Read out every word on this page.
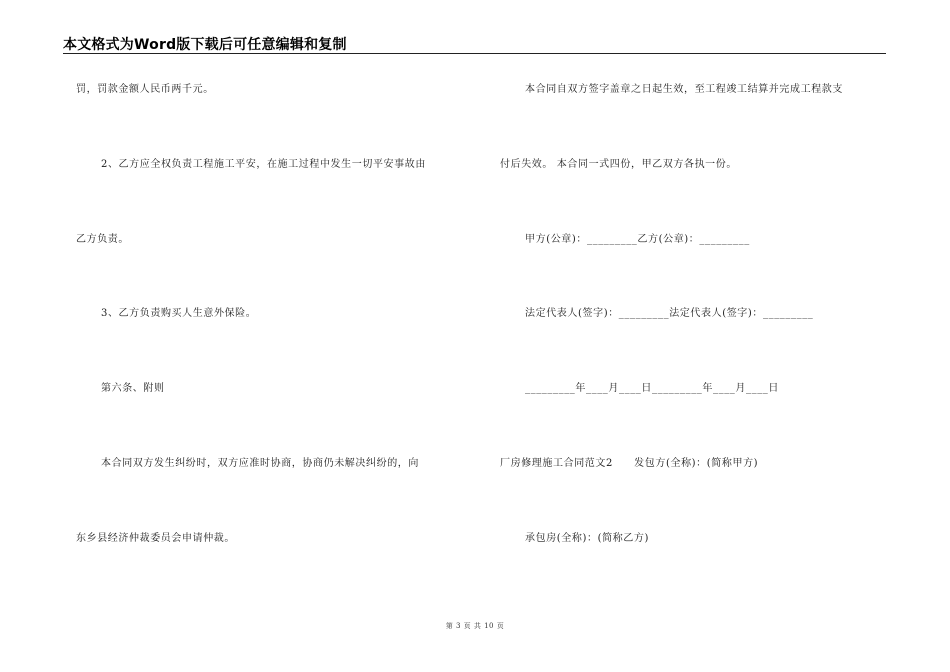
本文格式为Word版下载后可任意编辑和复制
罚，罚款金额人民币两千元。
2、乙方应全权负责工程施工平安，在施工过程中发生一切平安事故由
乙方负责。
3、乙方负责购买人生意外保险。
第六条、附则
本合同双方发生纠纷时，双方应准时协商，协商仍未解决纠纷的，向
东乡县经济仲裁委员会申请仲裁。
本合同自双方签字盖章之日起生效，至工程竣工结算并完成工程款支
付后失效。 本合同一式四份，甲乙双方各执一份。
甲方(公章)：_________乙方(公章)：_________
法定代表人(签字)：_________法定代表人(签字)：_________
_________年____月____日_________年____月____日
厂房修理施工合同范文2　　发包方(全称)：(简称甲方)
承包房(全称)：(简称乙方)
第 3 页 共 10 页
